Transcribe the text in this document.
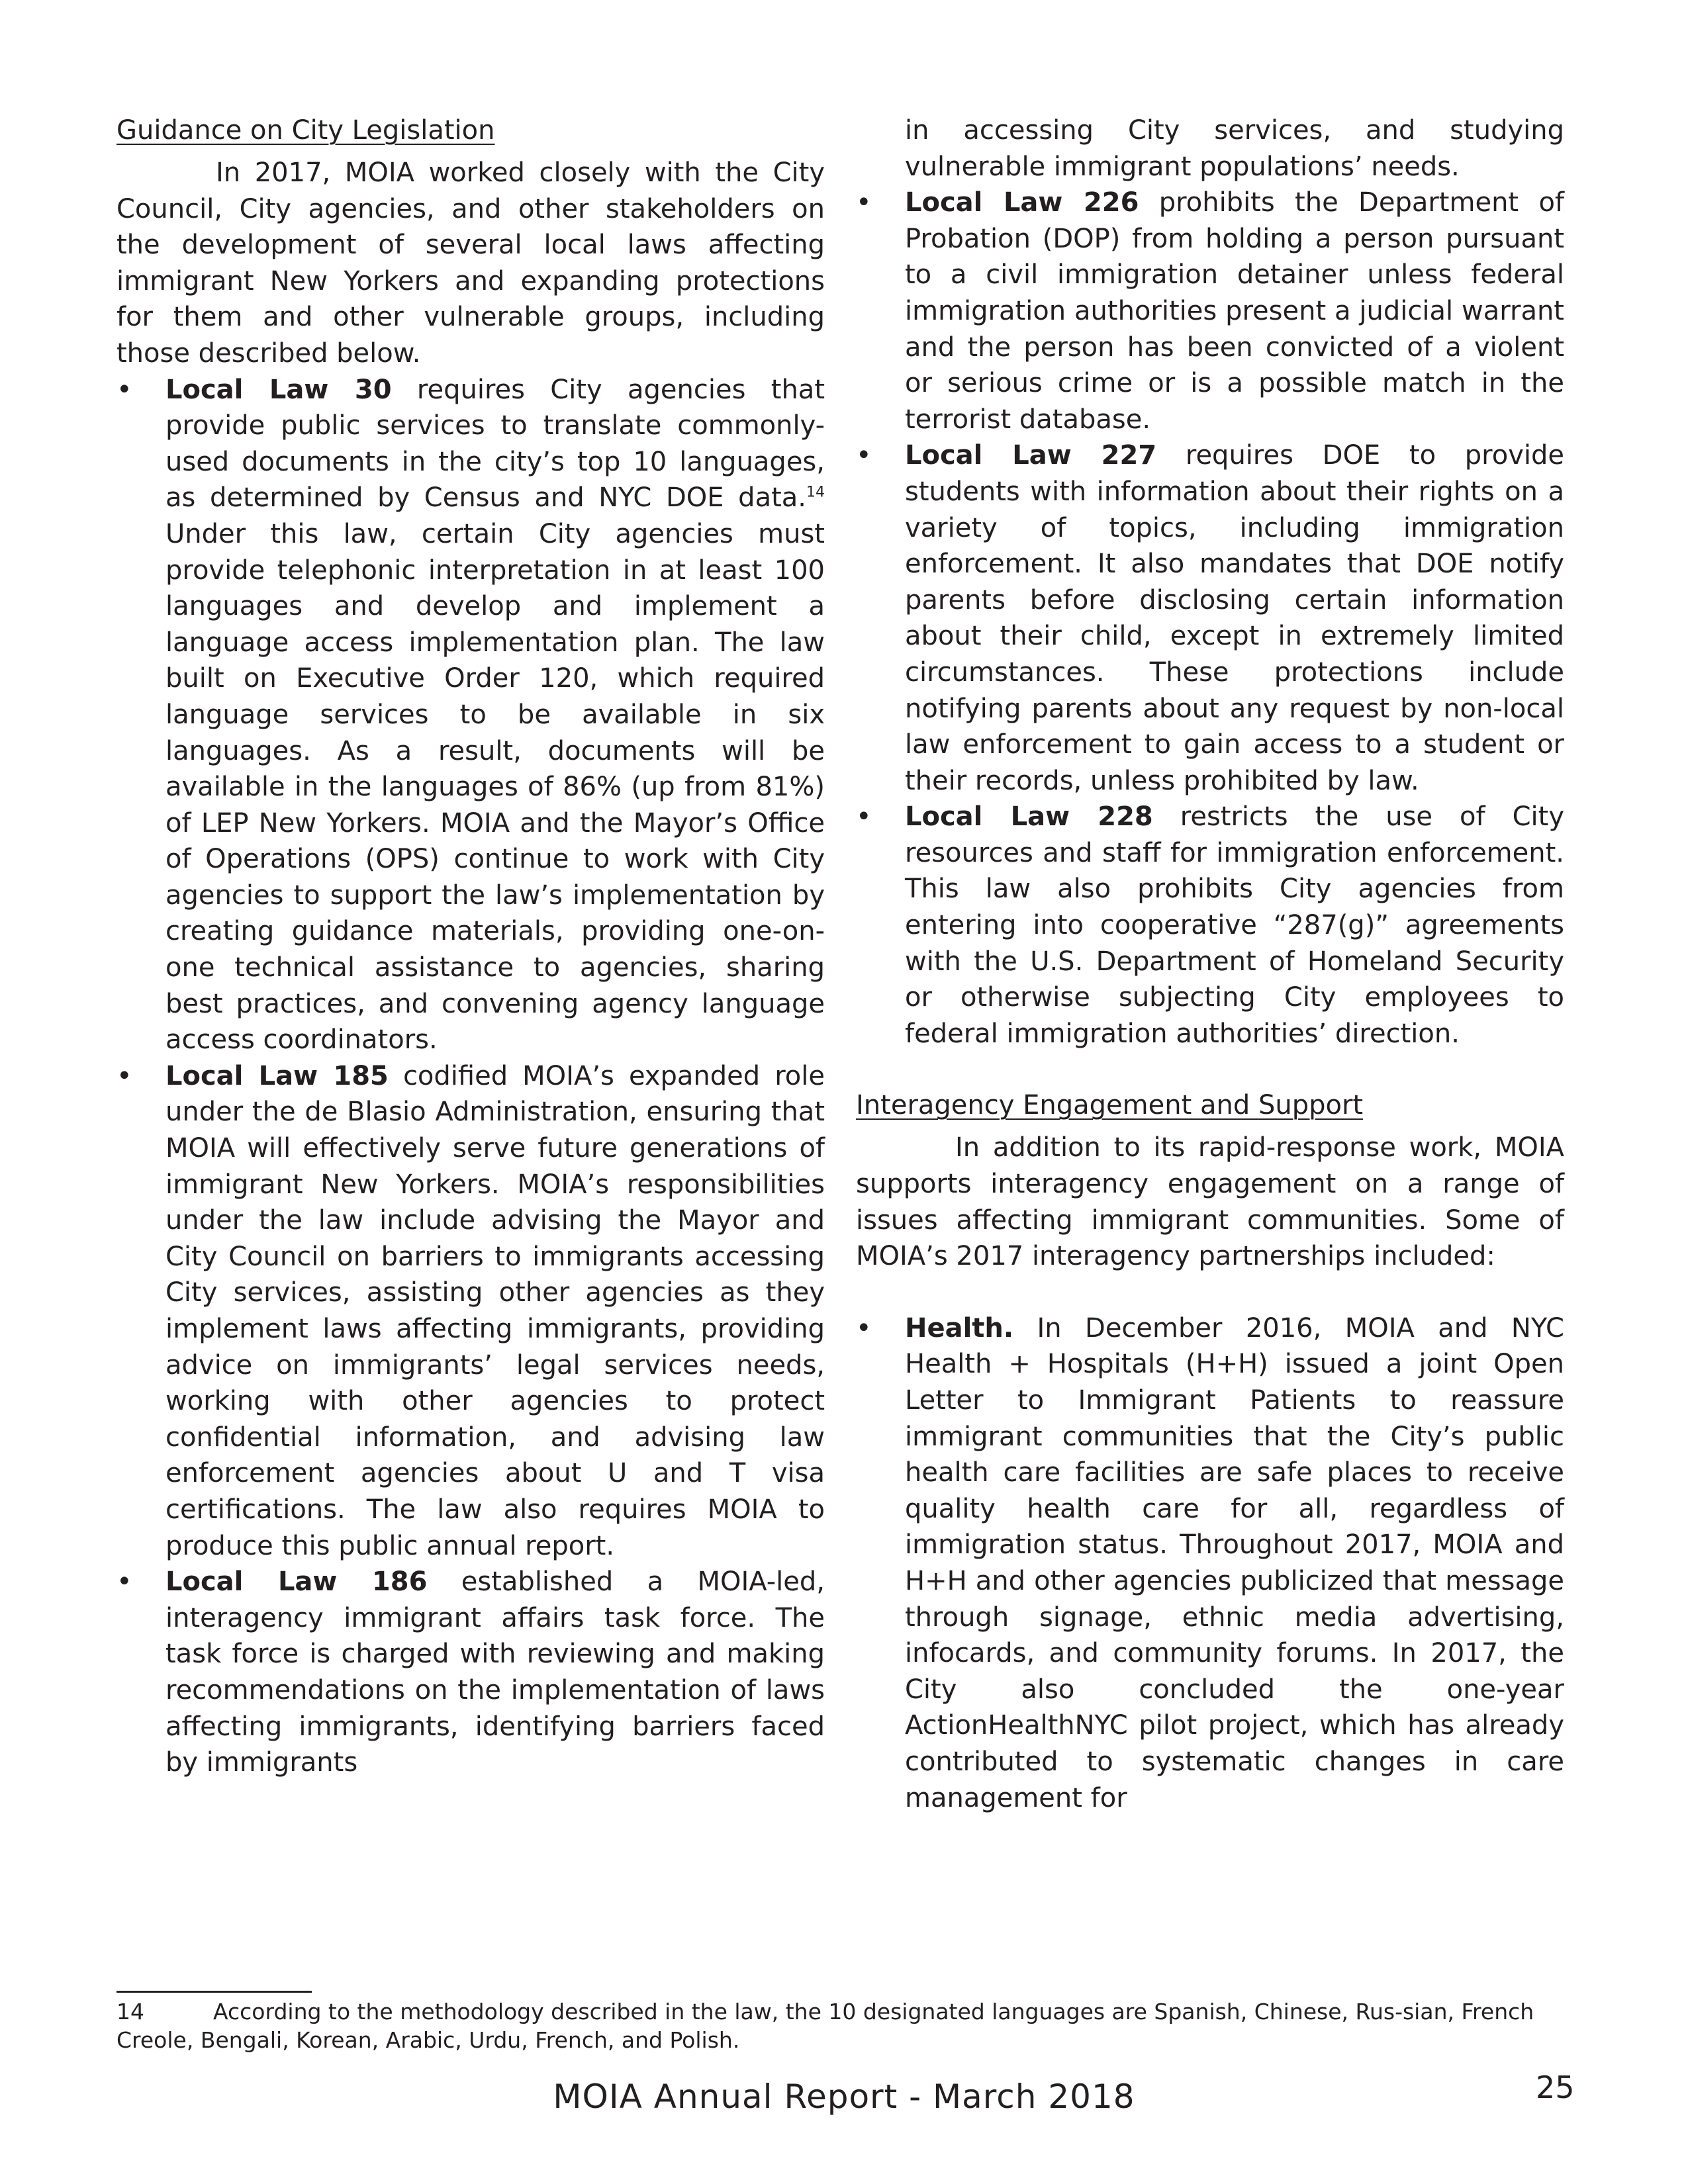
Guidance on City Legislation

In 2017, MOIA worked closely with the City Council, City agencies, and other stakeholders on the development of several local laws affecting immigrant New Yorkers and expanding protections for them and other vulnerable groups, including those described below.

• Local Law 30 requires City agencies that provide public services to translate commonly-used documents in the city’s top 10 languages, as determined by Census and NYC DOE data.$^{14}$ Under this law, certain City agencies must provide telephonic interpretation in at least 100 languages and develop and implement a language access implementation plan. The law built on Executive Order 120, which required language services to be available in six languages. As a result, documents will be available in the languages of 86% (up from 81%) of LEP New Yorkers. MOIA and the Mayor’s Office of Operations (OPS) continue to work with City agencies to support the law’s implementation by creating guidance materials, providing one-on-one technical assistance to agencies, sharing best practices, and convening agency language access coordinators.
• Local Law 185 codified MOIA’s expanded role under the de Blasio Administration, ensuring that MOIA will effectively serve future generations of immigrant New Yorkers. MOIA’s responsibilities under the law include advising the Mayor and City Council on barriers to immigrants accessing City services, assisting other agencies as they implement laws affecting immigrants, providing advice on immigrants’ legal services needs, working with other agencies to protect confidential information, and advising law enforcement agencies about U and T visa certifications. The law also requires MOIA to produce this public annual report.
• Local Law 186 established a MOIA-led, interagency immigrant affairs task force. The task force is charged with reviewing and making recommendations on the implementation of laws affecting immigrants, identifying barriers faced by immigrants

in accessing City services, and studying vulnerable immigrant populations’ needs.

• Local Law 226 prohibits the Department of Probation (DOP) from holding a person pursuant to a civil immigration detainer unless federal immigration authorities present a judicial warrant and the person has been convicted of a violent or serious crime or is a possible match in the terrorist database.
• Local Law 227 requires DOE to provide students with information about their rights on a variety of topics, including immigration enforcement. It also mandates that DOE notify parents before disclosing certain information about their child, except in extremely limited circumstances. These protections include notifying parents about any request by non-local law enforcement to gain access to a student or their records, unless prohibited by law.
• Local Law 228 restricts the use of City resources and staff for immigration enforcement. This law also prohibits City agencies from entering into cooperative “287(g)” agreements with the U.S. Department of Homeland Security or otherwise subjecting City employees to federal immigration authorities’ direction.
Interagency Engagement and Support

In addition to its rapid-response work, MOIA supports interagency engagement on a range of issues affecting immigrant communities. Some of MOIA’s 2017 interagency partnerships included:

• Health. In December 2016, MOIA and NYC Health + Hospitals (H+H) issued a joint Open Letter to Immigrant Patients to reassure immigrant communities that the City’s public health care facilities are safe places to receive quality health care for all, regardless of immigration status. Throughout 2017, MOIA and H+H and other agencies publicized that message through signage, ethnic media advertising, infocards, and community forums. In 2017, the City also concluded the one-year ActionHealthNYC pilot project, which has already contributed to systematic changes in care management for
14	According to the methodology described in the law, the 10 designated languages are Spanish, Chinese, Rus-sian, French Creole, Bengali, Korean, Arabic, Urdu, French, and Polish.
MOIA Annual Report - March 2018	25
